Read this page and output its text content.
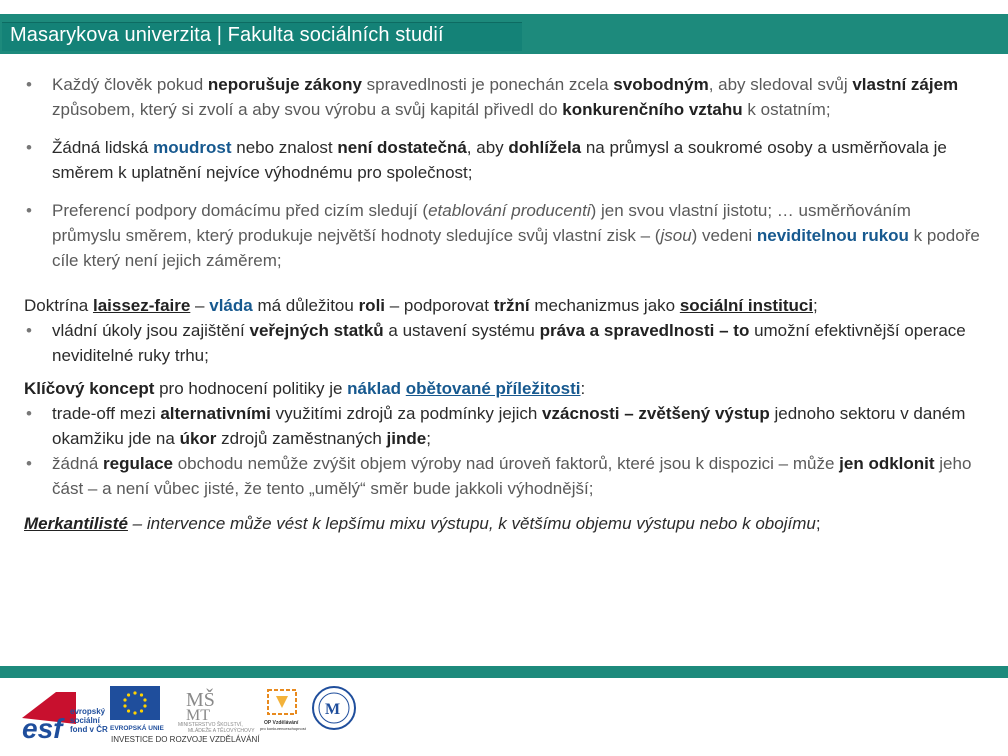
Masarykova univerzita | Fakulta sociálních studií

• Každý člověk pokud neporušuje zákony spravedlnosti je ponechán zcela svobodným, aby sledoval svůj vlastní zájem způsobem, který si zvolí a aby svou výrobu a svůj kapitál přivedl do konkurenčního vztahu k ostatním;

• Žádná lidská moudrost nebo znalost není dostatečná, aby dohlížela na průmysl a soukromé osoby a usměrňovala je směrem k uplatnění nejvíce výhodnému pro společnost;

• Preferencí podpory domácímu před cizím sledují (etablování producenti) jen svou vlastní jistotu; … usměrňováním průmyslu směrem, který produkuje největší hodnoty sledujíce svůj vlastní zisk – (jsou) vedeni neviditelnou rukou k podoře cíle který není jejich záměrem;

Doktrína laissez-faire – vláda má důležitou roli – podporovat tržní mechanizmus jako sociální instituci;

• vládní úkoly jsou zajištění veřejných statků a ustavení systému práva a spravedlnosti – to umožní efektivnější operace neviditelné ruky trhu;

Klíčový koncept pro hodnocení politiky je náklad obětované příležitosti:

• trade-off mezi alternativními využitími zdrojů za podmínky jejich vzácnosti – zvětšený výstup jednoho sektoru v daném okamžiku jde na úkor zdrojů zaměstnaných jinde;

• žádná regulace obchodu nemůže zvýšit objem výroby nad úroveň faktorů, které jsou k dispozici – může jen odklonit jeho část – a není vůbec jisté, že tento „umělý“ směr bude jakkoli výhodnější;

Merkantilisté – intervence může vést k lepšímu mixu výstupu, k většímu objemu výstupu nebo k obojímu;

esf
evropský
sociální
fond v ČR EVROPSKÁ UNIE
MŠ
MT
MINISTERSTVO ŠKOLSTVÍ,
MLÁDEŽE A TĚLOVÝCHOVY
OP Vzdělávání
pro konkurenceschopnost
M
INVESTICE DO ROZVOJE VZDĚLÁVÁNÍ
